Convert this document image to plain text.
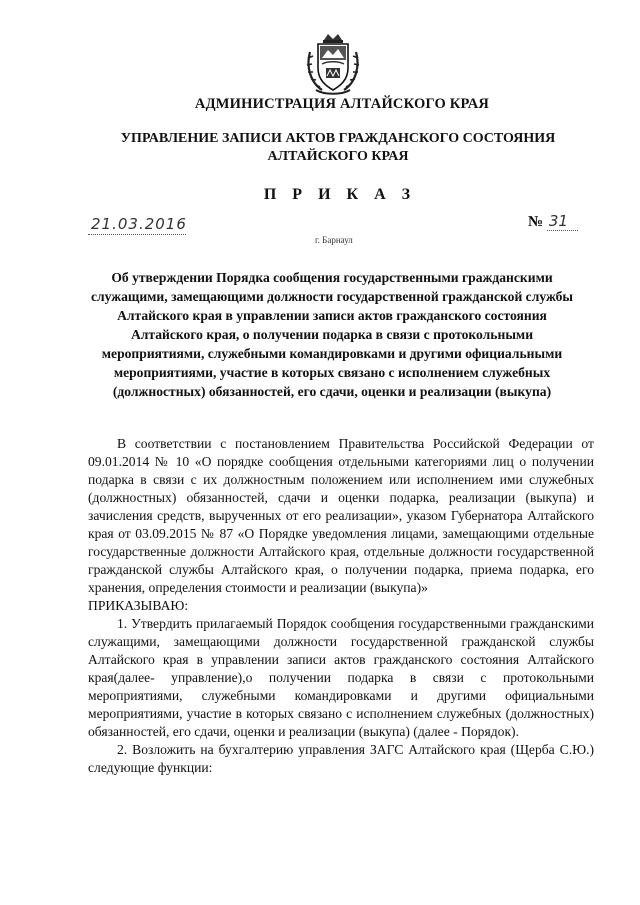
АДМИНИСТРАЦИЯ АЛТАЙСКОГО КРАЯ
УПРАВЛЕНИЕ ЗАПИСИ АКТОВ ГРАЖДАНСКОГО СОСТОЯНИЯ
АЛТАЙСКОГО КРАЯ
П Р И К А З
21.03.2016	№ 31
г. Барнаул
Об утверждении Порядка сообщения государственными гражданскими служащими, замещающими должности государственной гражданской службы Алтайского края в управлении записи актов гражданского состояния Алтайского края, о получении подарка в связи с протокольными мероприятиями, служебными командировками и другими официальными мероприятиями, участие в которых связано с исполнением служебных (должностных) обязанностей, его сдачи, оценки и реализации (выкупа)

В соответствии с постановлением Правительства Российской Федерации от 09.01.2014 № 10 «О порядке сообщения отдельными категориями лиц о получении подарка в связи с их должностным положением или исполнением ими служебных (должностных) обязанностей, сдачи и оценки подарка, реализации (выкупа) и зачисления средств, вырученных от его реализации», указом Губернатора Алтайского края от 03.09.2015 № 87 «О Порядке уведомления лицами, замещающими отдельные государственные должности Алтайского края, отдельные должности государственной гражданской службы Алтайского края, о получении подарка, приема подарка, его хранения, определения стоимости и реализации (выкупа)»

ПРИКАЗЫВАЮ:

1. Утвердить прилагаемый Порядок сообщения государственными гражданскими служащими, замещающими должности государственной гражданской службы Алтайского края в управлении записи актов гражданского состояния Алтайского края(далее- управление),о получении подарка в связи с протокольными мероприятиями, служебными командировками и другими официальными мероприятиями, участие в которых связано с исполнением служебных (должностных) обязанностей, его сдачи, оценки и реализации (выкупа) (далее - Порядок).

2. Возложить на бухгалтерию управления ЗАГС Алтайского края (Щерба С.Ю.) следующие функции:
